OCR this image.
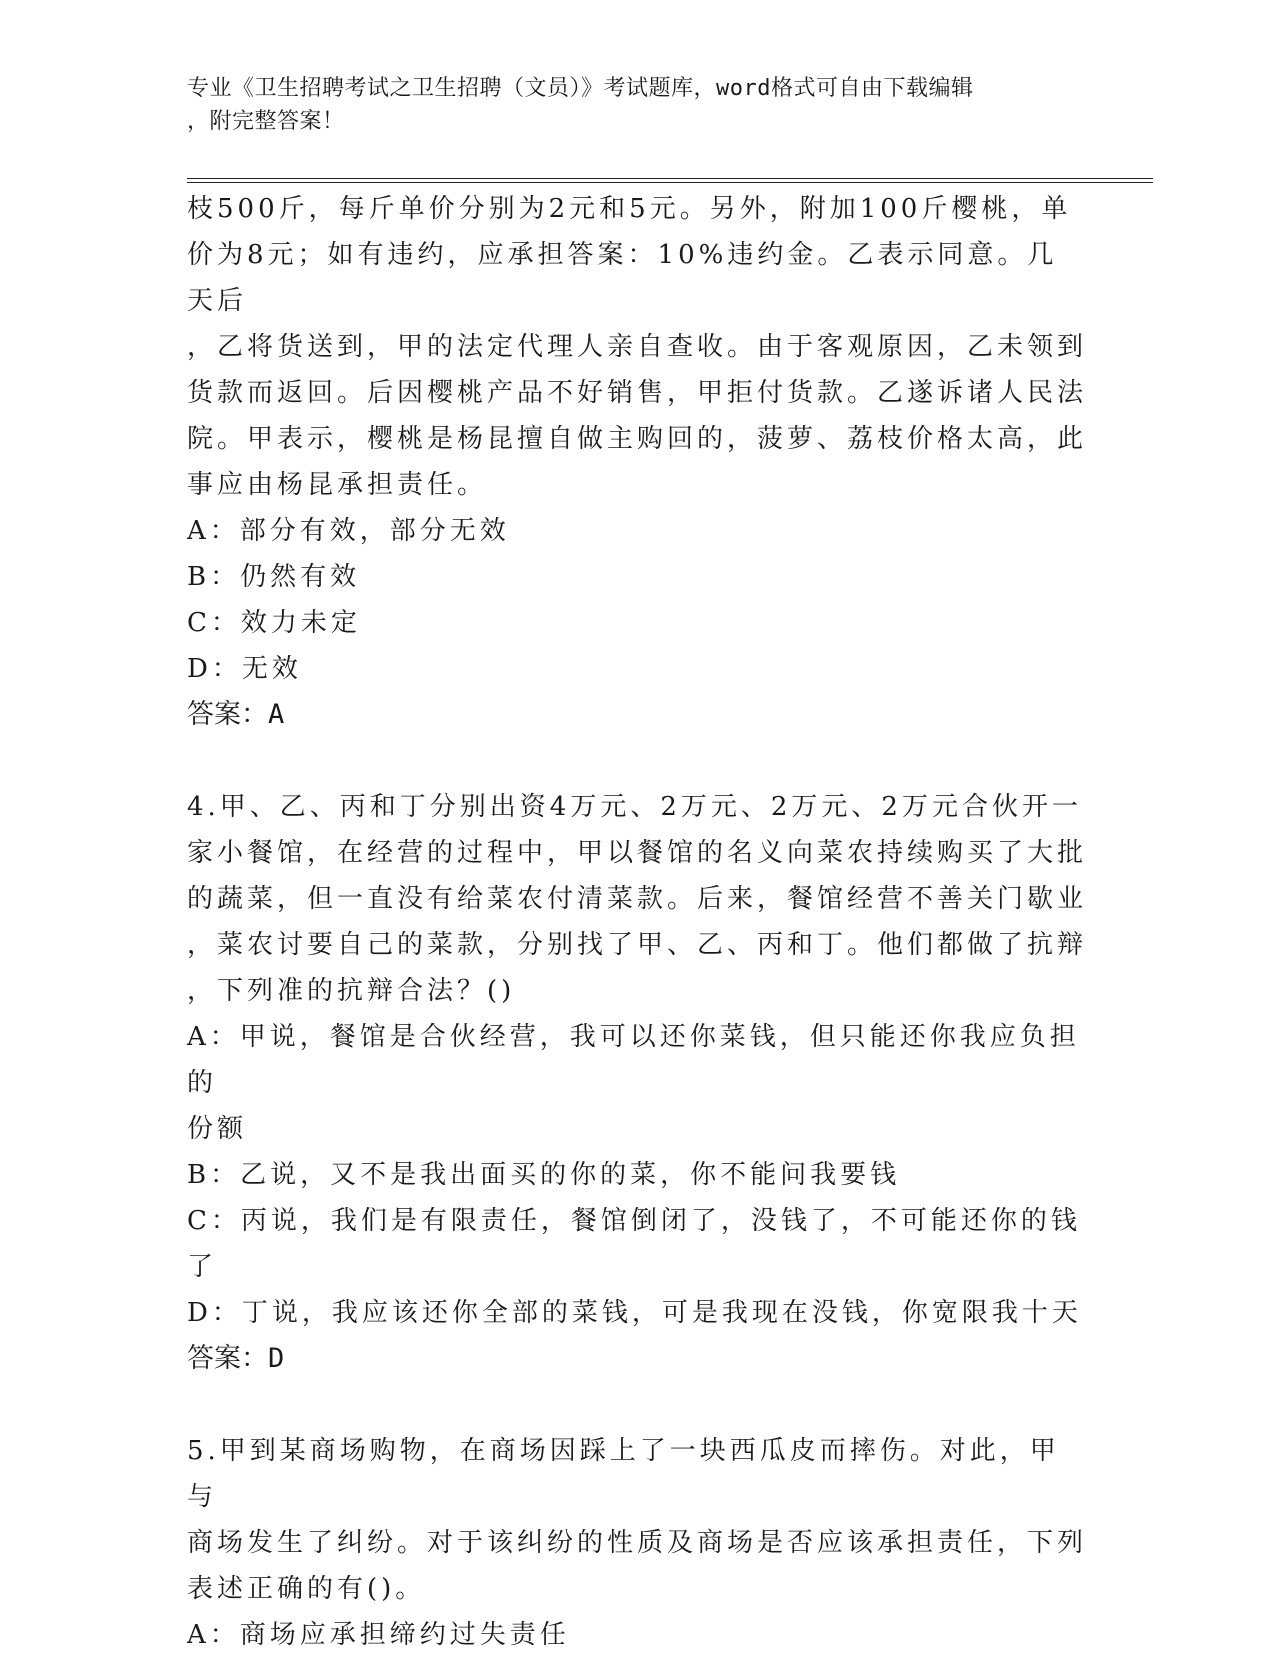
专业《卫生招聘考试之卫生招聘（文员）》考试题库，word格式可自由下载编辑
，附完整答案！

枝500斤，每斤单价分别为2元和5元。另外，附加100斤樱桃，单

价为8元；如有违约，应承担答案：10%违约金。乙表示同意。几天后

，乙将货送到，甲的法定代理人亲自查收。由于客观原因，乙未领到

货款而返回。后因樱桃产品不好销售，甲拒付货款。乙遂诉诸人民法

院。甲表示，樱桃是杨昆擅自做主购回的，菠萝、荔枝价格太高，此

事应由杨昆承担责任。

A：部分有效，部分无效

B：仍然有效

C：效力未定

D：无效

答案：A

4.甲、乙、丙和丁分别出资4万元、2万元、2万元、2万元合伙开一

家小餐馆，在经营的过程中，甲以餐馆的名义向菜农持续购买了大批

的蔬菜，但一直没有给菜农付清菜款。后来，餐馆经营不善关门歇业

，菜农讨要自己的菜款，分别找了甲、乙、丙和丁。他们都做了抗辩

，下列准的抗辩合法？()

A：甲说，餐馆是合伙经营，我可以还你菜钱，但只能还你我应负担的

份额

B：乙说，又不是我出面买的你的菜，你不能问我要钱

C：丙说，我们是有限责任，餐馆倒闭了，没钱了，不可能还你的钱了

D：丁说，我应该还你全部的菜钱，可是我现在没钱，你宽限我十天

答案：D

5.甲到某商场购物，在商场因踩上了一块西瓜皮而摔伤。对此，甲与

商场发生了纠纷。对于该纠纷的性质及商场是否应该承担责任，下列

表述正确的有()。

A：商场应承担缔约过失责任
